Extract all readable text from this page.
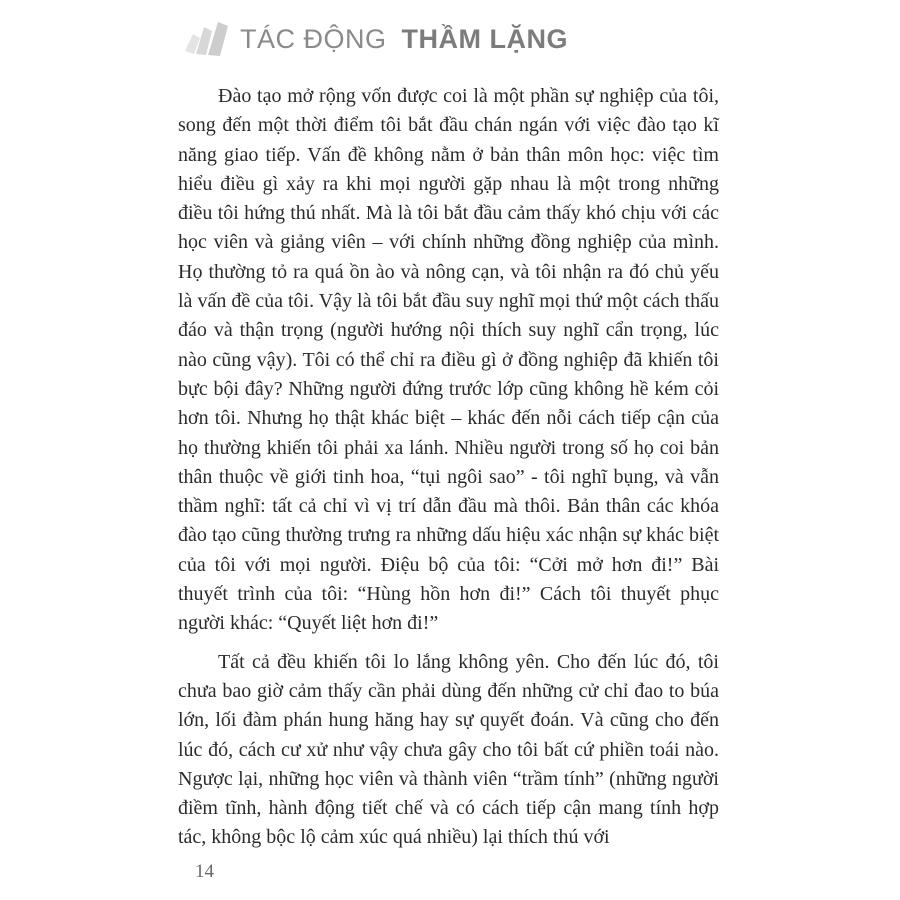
TÁC ĐỘNG THẦM LẶNG

Đào tạo mở rộng vốn được coi là một phần sự nghiệp của tôi, song đến một thời điểm tôi bắt đầu chán ngán với việc đào tạo kĩ năng giao tiếp. Vấn đề không nằm ở bản thân môn học: việc tìm hiểu điều gì xảy ra khi mọi người gặp nhau là một trong những điều tôi hứng thú nhất. Mà là tôi bắt đầu cảm thấy khó chịu với các học viên và giảng viên – với chính những đồng nghiệp của mình. Họ thường tỏ ra quá ồn ào và nông cạn, và tôi nhận ra đó chủ yếu là vấn đề của tôi. Vậy là tôi bắt đầu suy nghĩ mọi thứ một cách thấu đáo và thận trọng (người hướng nội thích suy nghĩ cẩn trọng, lúc nào cũng vậy). Tôi có thể chỉ ra điều gì ở đồng nghiệp đã khiến tôi bực bội đây? Những người đứng trước lớp cũng không hề kém cỏi hơn tôi. Nhưng họ thật khác biệt – khác đến nỗi cách tiếp cận của họ thường khiến tôi phải xa lánh. Nhiều người trong số họ coi bản thân thuộc về giới tinh hoa, “tụi ngôi sao” - tôi nghĩ bụng, và vẫn thầm nghĩ: tất cả chỉ vì vị trí dẫn đầu mà thôi. Bản thân các khóa đào tạo cũng thường trưng ra những dấu hiệu xác nhận sự khác biệt của tôi với mọi người. Điệu bộ của tôi: “Cởi mở hơn đi!” Bài thuyết trình của tôi: “Hùng hồn hơn đi!” Cách tôi thuyết phục người khác: “Quyết liệt hơn đi!”

Tất cả đều khiến tôi lo lắng không yên. Cho đến lúc đó, tôi chưa bao giờ cảm thấy cần phải dùng đến những cử chỉ đao to búa lớn, lối đàm phán hung hăng hay sự quyết đoán. Và cũng cho đến lúc đó, cách cư xử như vậy chưa gây cho tôi bất cứ phiền toái nào. Ngược lại, những học viên và thành viên “trầm tính” (những người điềm tĩnh, hành động tiết chế và có cách tiếp cận mang tính hợp tác, không bộc lộ cảm xúc quá nhiều) lại thích thú với

14
